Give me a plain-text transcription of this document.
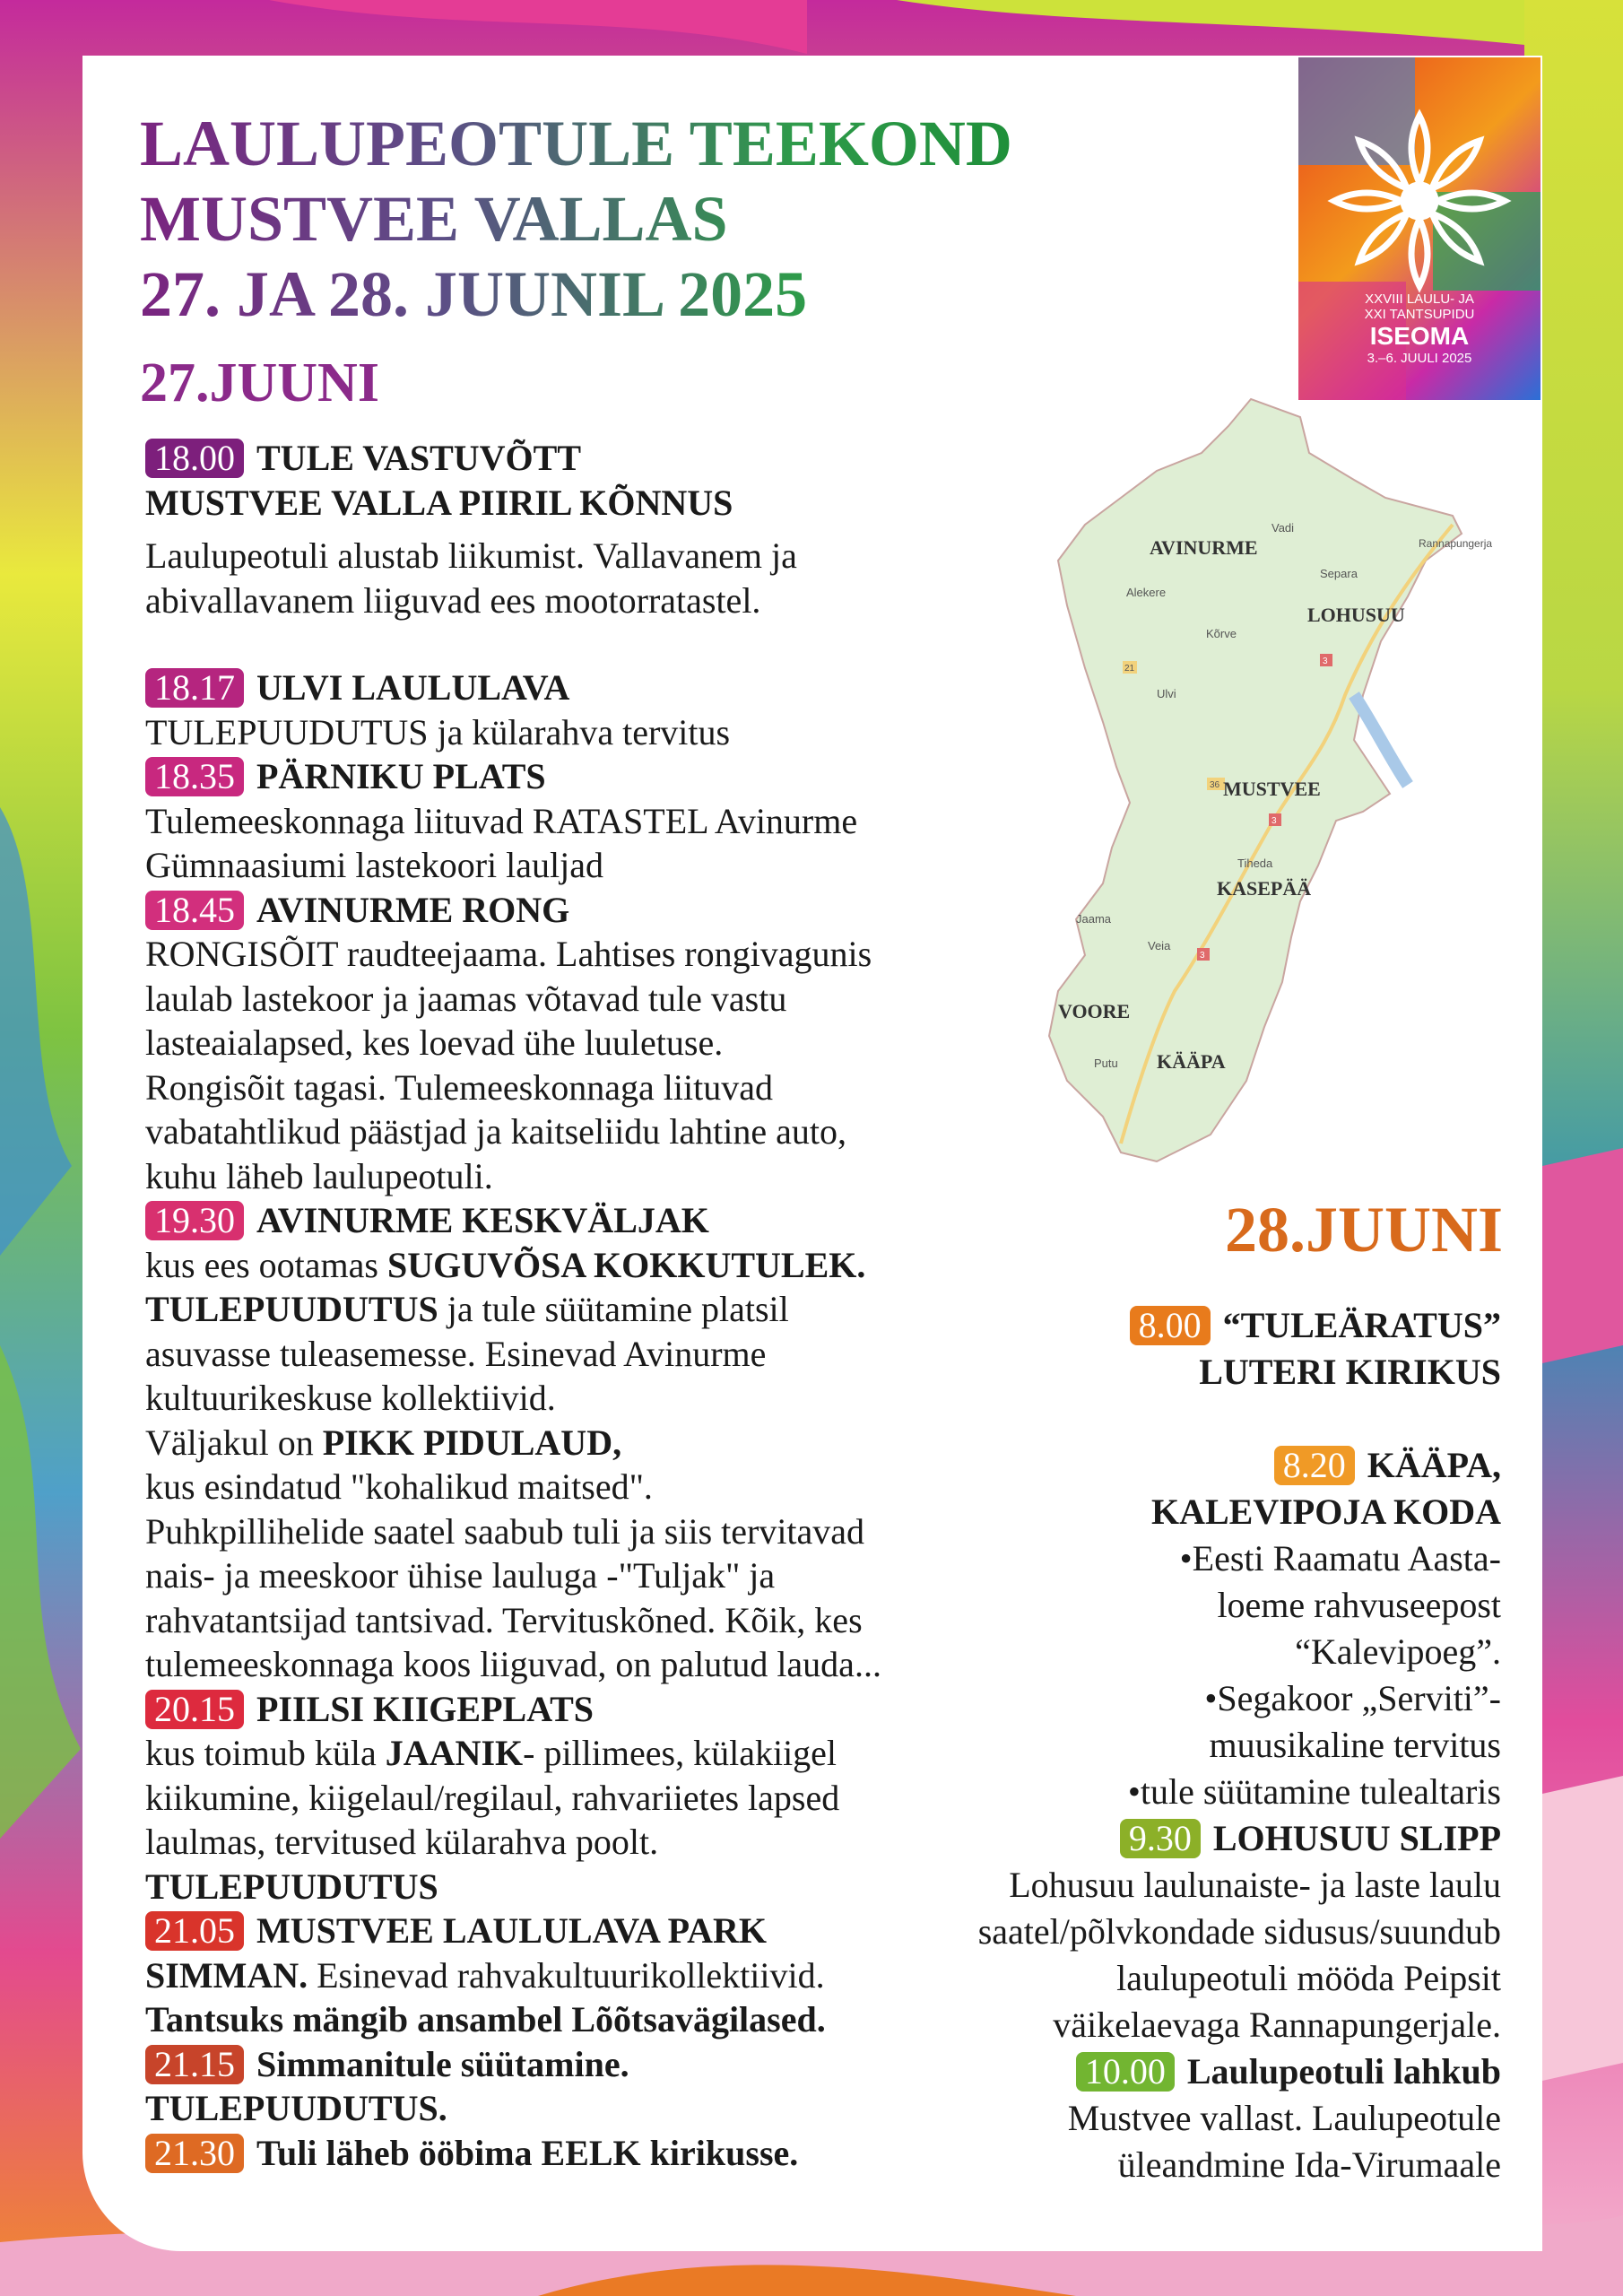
LAULUPEOTULE TEEKOND
MUSTVEE VALLAS
27. JA 28. JUUNIL 2025	XXVIII LAULU- JA
XXI TANTSUPIDU
ISEOMA
3.–6. JUULI 2025
21
3
36
3
3
AVINURME
LOHUSUU
MUSTVEE
KASEPÄÄ
VOORE
KÄÄPA
Vadi
Separa
Rannapungerja
Alekere
Kõrve
Ulvi
Tiheda
Jaama
Veia
Putu
27.JUUNI
18.00 TULE VASTUVÕTT
MUSTVEE VALLA PIIRIL KÕNNUS
Laulupeotuli alustab liikumist. Vallavanem ja
abivallavanem liiguvad ees mootorratastel.
18.17 ULVI LAULULAVA
TULEPUUDUTUS ja külarahva tervitus
18.35 PÄRNIKU PLATS
Tulemeeskonnaga liituvad RATASTEL Avinurme
Gümnaasiumi lastekoori lauljad
18.45 AVINURME RONG
RONGISÕIT raudteejaama. Lahtises rongivagunis
laulab lastekoor ja jaamas võtavad tule vastu
lasteaialapsed, kes loevad ühe luuletuse.
Rongisõit tagasi. Tulemeeskonnaga liituvad
vabatahtlikud päästjad ja kaitseliidu lahtine auto,
kuhu läheb laulupeotuli.
19.30 AVINURME KESKVÄLJAK
kus ees ootamas SUGUVÕSA KOKKUTULEK.
TULEPUUDUTUS ja tule süütamine platsil
asuvasse tuleasemesse. Esinevad Avinurme
kultuurikeskuse kollektiivid.
Väljakul on PIKK PIDULAUD,
kus esindatud "kohalikud maitsed".
Puhkpillihelide saatel saabub tuli ja siis tervitavad
nais- ja meeskoor ühise lauluga -"Tuljak" ja
rahvatantsijad tantsivad. Tervituskõned. Kõik, kes
tulemeeskonnaga koos liiguvad, on palutud lauda...
20.15 PIILSI KIIGEPLATS
kus toimub küla JAANIK- pillimees, külakiigel
kiikumine, kiigelaul/regilaul, rahvariietes lapsed
laulmas, tervitused külarahva poolt.
TULEPUUDUTUS
21.05 MUSTVEE LAULULAVA PARK
SIMMAN. Esinevad rahvakultuurikollektiivid.
Tantsuks mängib ansambel Lõõtsavägilased.
21.15 Simmanitule süütamine.
TULEPUUDUTUS.
21.30 Tuli läheb ööbima EELK kirikusse.
28.JUUNI
8.00 “TULEÄRATUS”
LUTERI KIRIKUS
8.20 KÄÄPA,
KALEVIPOJA KODA
•Eesti Raamatu Aasta-
loeme rahvuseepost
“Kalevipoeg”.
•Segakoor „Serviti”-
muusikaline tervitus
•tule süütamine tulealtaris
9.30 LOHUSUU SLIPP
Lohusuu laulunaiste- ja laste laulu
saatel/põlvkondade sidusus/suundub
laulupeotuli mööda Peipsit
väikelaevaga Rannapungerjale.
10.00 Laulupeotuli lahkub
Mustvee vallast. Laulupeotule
üleandmine Ida-Virumaale
